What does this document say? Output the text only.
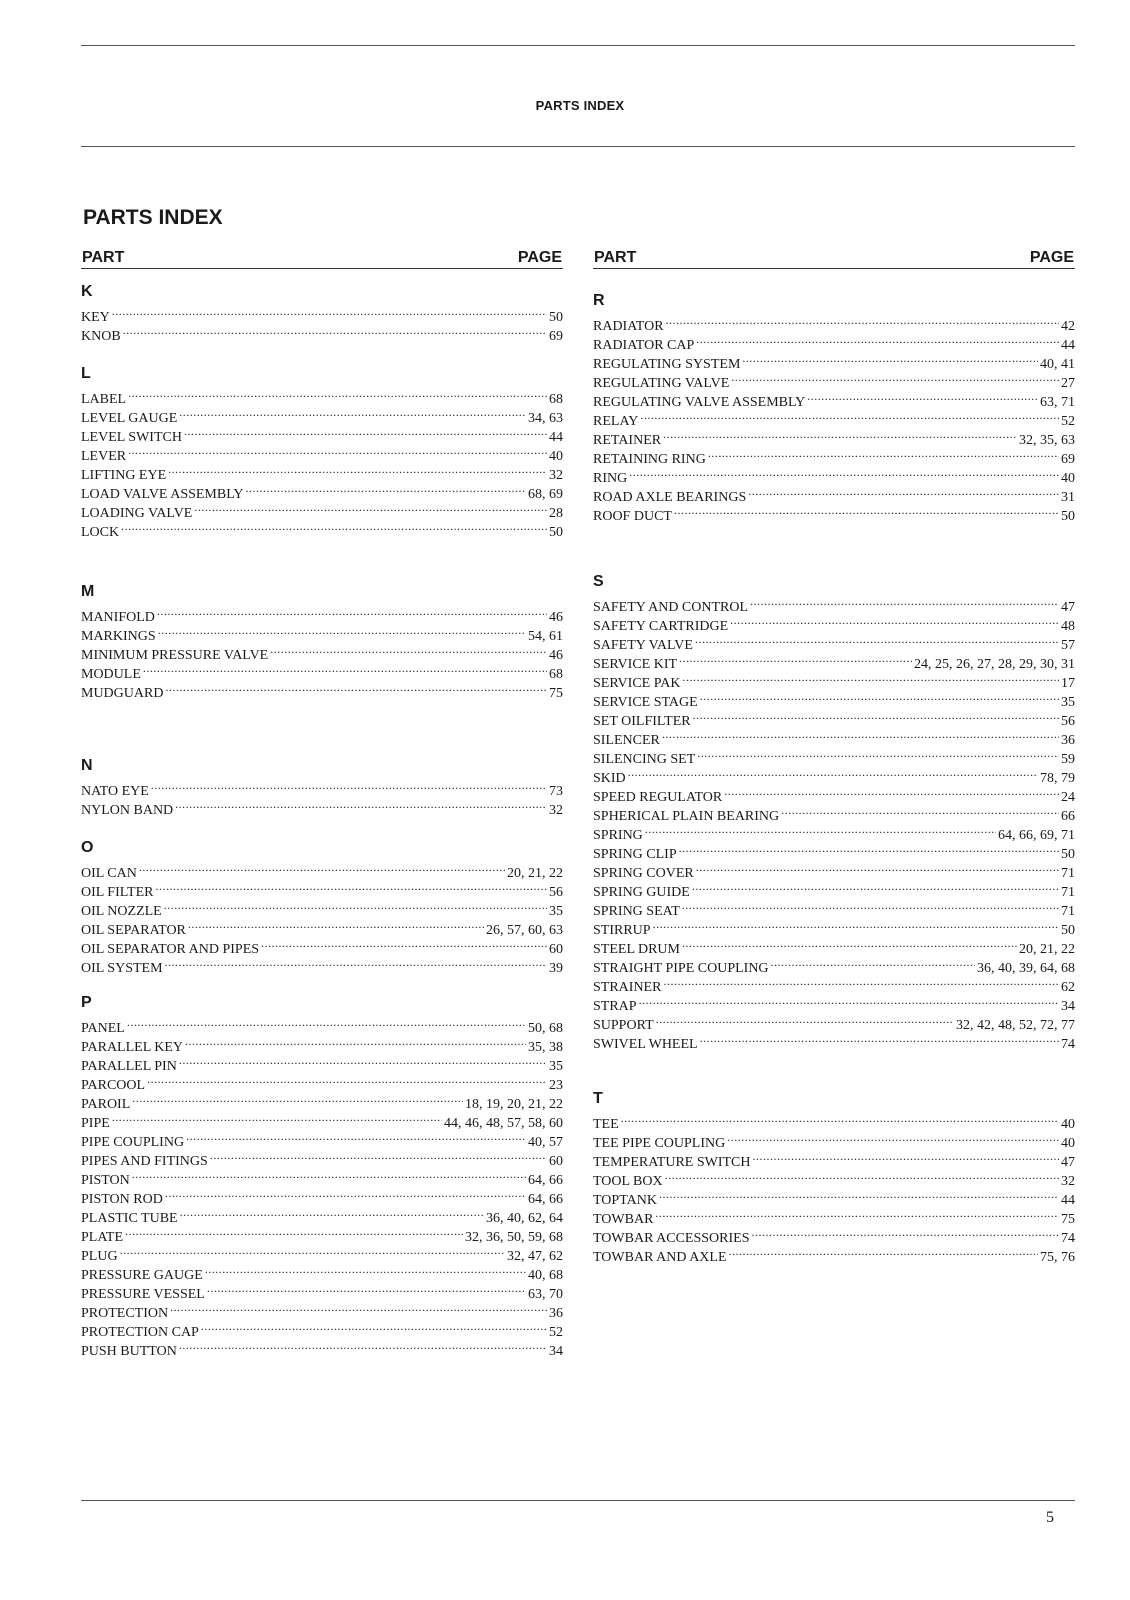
PARTS INDEX
PARTS INDEX
PART	PAGE
K
KEY .....	50
KNOB .....	69
L
LABEL .....	68
LEVEL GAUGE .....	34, 63
LEVEL SWITCH .....	44
LEVER .....	40
LIFTING EYE .....	32
LOAD VALVE ASSEMBLY .....	68, 69
LOADING VALVE .....	28
LOCK .....	50
M
MANIFOLD .....	46
MARKINGS .....	54, 61
MINIMUM PRESSURE VALVE .....	46
MODULE .....	68
MUDGUARD .....	75
N
NATO EYE .....	73
NYLON BAND .....	32
O
OIL CAN .....	20, 21, 22
OIL FILTER .....	56
OIL NOZZLE .....	35
OIL SEPARATOR .....	26, 57, 60, 63
OIL SEPARATOR AND PIPES .....	60
OIL SYSTEM .....	39
P
PANEL .....	50, 68
PARALLEL KEY .....	35, 38
PARALLEL PIN .....	35
PARCOOL .....	23
PAROIL .....	18, 19, 20, 21, 22
PIPE .....	44, 46, 48, 57, 58, 60
PIPE COUPLING .....	40, 57
PIPES AND FITINGS .....	60
PISTON .....	64, 66
PISTON ROD .....	64, 66
PLASTIC TUBE .....	36, 40, 62, 64
PLATE .....	32, 36, 50, 59, 68
PLUG .....	32, 47, 62
PRESSURE GAUGE .....	40, 68
PRESSURE VESSEL .....	63, 70
PROTECTION .....	36
PROTECTION CAP .....	52
PUSH BUTTON .....	34
PART	PAGE
R
RADIATOR .....	42
RADIATOR CAP .....	44
REGULATING SYSTEM .....	40, 41
REGULATING VALVE .....	27
REGULATING VALVE ASSEMBLY .....	63, 71
RELAY .....	52
RETAINER .....	32, 35, 63
RETAINING RING .....	69
RING .....	40
ROAD AXLE BEARINGS .....	31
ROOF DUCT .....	50
S
SAFETY AND CONTROL .....	47
SAFETY CARTRIDGE .....	48
SAFETY VALVE .....	57
SERVICE KIT .....	24, 25, 26, 27, 28, 29, 30, 31
SERVICE PAK .....	17
SERVICE STAGE .....	35
SET OILFILTER .....	56
SILENCER .....	36
SILENCING SET .....	59
SKID .....	78, 79
SPEED REGULATOR .....	24
SPHERICAL PLAIN BEARING .....	66
SPRING .....	64, 66, 69, 71
SPRING CLIP .....	50
SPRING COVER .....	71
SPRING GUIDE .....	71
SPRING SEAT .....	71
STIRRUP .....	50
STEEL DRUM .....	20, 21, 22
STRAIGHT PIPE COUPLING .....	36, 40, 39, 64, 68
STRAINER .....	62
STRAP .....	34
SUPPORT .....	32, 42, 48, 52, 72, 77
SWIVEL WHEEL .....	74
T
TEE .....	40
TEE PIPE COUPLING .....	40
TEMPERATURE SWITCH .....	47
TOOL BOX .....	32
TOPTANK .....	44
TOWBAR .....	75
TOWBAR ACCESSORIES .....	74
TOWBAR AND AXLE .....	75, 76
5
